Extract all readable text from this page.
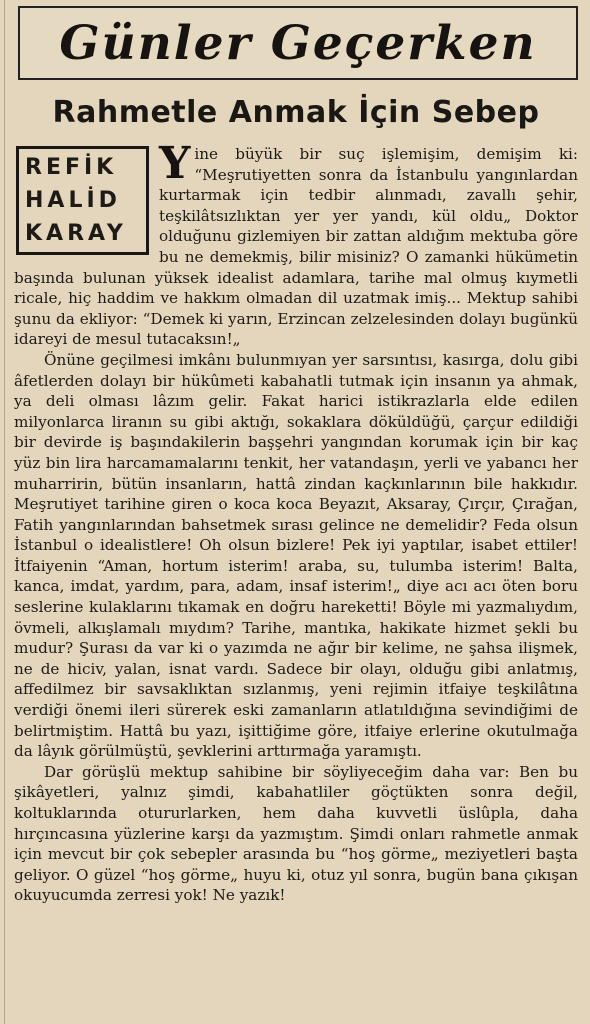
Günler Geçerken
Rahmetle Anmak İçin Sebep
REFİK
HALİD
KARAY

Yine büyük bir suç işlemişim, demişim ki: “Meşrutiyetten sonra da İstanbulu yangınlardan kurtarmak için tedbir alınmadı, zavallı şehir, teşkilâtsızlıktan yer yer yandı, kül oldu„ Doktor olduğunu gizlemiyen bir zattan aldığım mektuba göre bu ne demekmiş, bilir misiniz? O zamanki hükümetin başında bulunan yüksek idealist adamlara, tarihe mal olmuş kıymetli ricale, hiç haddim ve hakkım olmadan dil uzatmak imiş... Mektup sahibi şunu da ekliyor: “Demek ki yarın, Erzincan zelzelesinden dolayı bugünkü idareyi de mesul tutacaksın!„

Önüne geçilmesi imkânı bulunmıyan yer sarsıntısı, kasırga, dolu gibi âfetlerden dolayı bir hükûmeti kabahatli tutmak için insanın ya ahmak, ya deli olması lâzım gelir. Fakat harici istikrazlarla elde edilen milyonlarca liranın su gibi aktığı, sokaklara döküldüğü, çarçur edildiği bir devirde iş başındakilerin başşehri yangından korumak için bir kaç yüz bin lira harcamamalarını tenkit, her vatandaşın, yerli ve yabancı her muharririn, bütün insanların, hattâ zindan kaçkınlarının bile hakkıdır. Meşrutiyet tarihine giren o koca koca Beyazıt, Aksaray, Çırçır, Çırağan, Fatih yangınlarından bahsetmek sırası gelince ne demelidir? Feda olsun İstanbul o idealistlere! Oh olsun bizlere! Pek iyi yaptılar, isabet ettiler! İtfaiyenin “Aman, hortum isterim! araba, su, tulumba isterim! Balta, kanca, imdat, yardım, para, adam, insaf isterim!„ diye acı acı öten boru seslerine kulaklarını tıkamak en doğru hareketti! Böyle mi yazmalıydım, övmeli, alkışlamalı mıydım? Tarihe, mantıka, hakikate hizmet şekli bu mudur? Şurası da var ki o yazımda ne ağır bir kelime, ne şahsa ilişmek, ne de hiciv, yalan, isnat vardı. Sadece bir olayı, olduğu gibi anlatmış, affedilmez bir savsaklıktan sızlanmış, yeni rejimin itfaiye teşkilâtına verdiği önemi ileri sürerek eski zamanların atlatıldığına sevindiğimi de belirtmiştim. Hattâ bu yazı, işittiğime göre, itfaiye erlerine okutulmağa da lâyık görülmüştü, şevklerini arttırmağa yaramıştı.

Dar görüşlü mektup sahibine bir söyliyeceğim daha var: Ben bu şikâyetleri, yalnız şimdi, kabahatliler göçtükten sonra değil, koltuklarında otururlarken, hem daha kuvvetli üslûpla, daha hırçıncasına yüzlerine karşı da yazmıştım. Şimdi onları rahmetle anmak için mevcut bir çok sebepler arasında bu “hoş görme„ meziyetleri başta geliyor. O güzel “hoş görme„ huyu ki, otuz yıl sonra, bugün bana çıkışan okuyucumda zerresi yok! Ne yazık!
